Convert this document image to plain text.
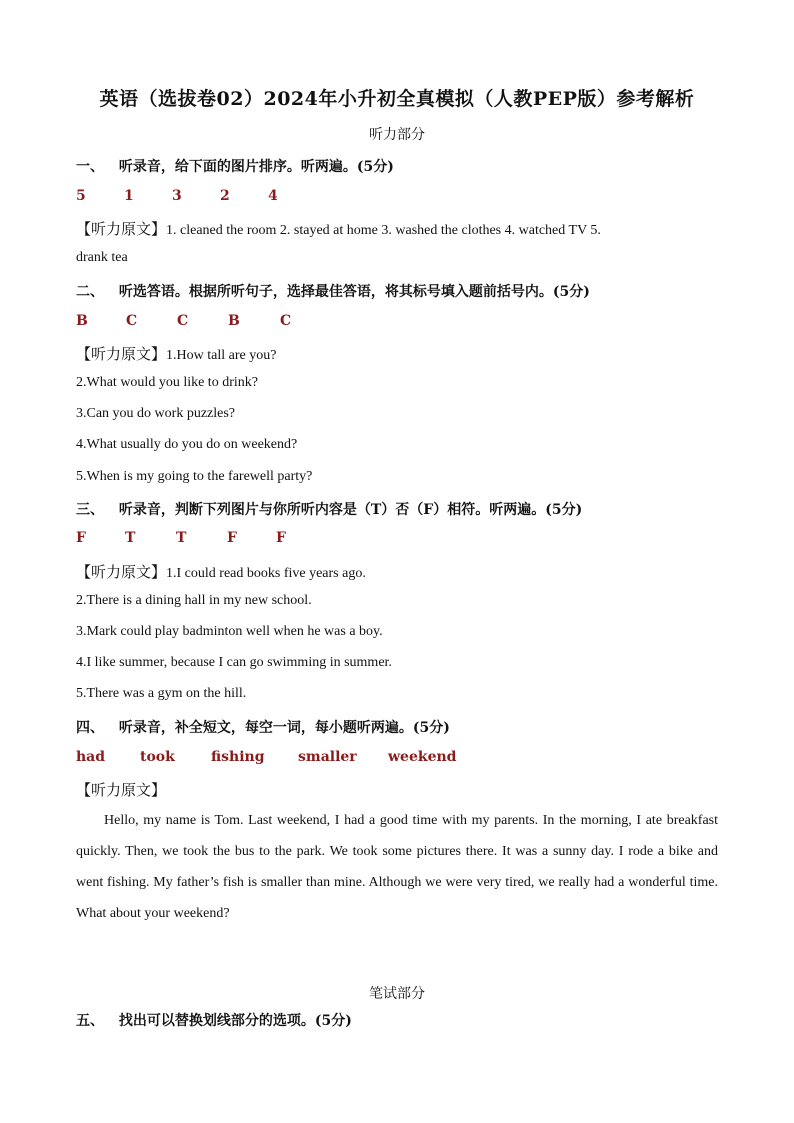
英语（选拔卷02）2024年小升初全真模拟（人教PEP版）参考解析
听力部分
一、 听录音，给下面的图片排序。听两遍。(5分)
5	1	3	2	4
【听力原文】1. cleaned the room 2. stayed at home 3. washed the clothes 4. watched TV 5.
drank tea
二、 听选答语。根据所听句子，选择最佳答语，将其标号填入题前括号内。(5分)
B	C	C	B	C
【听力原文】1.How tall are you?
2.What would you like to drink?
3.Can you do work puzzles?
4.What usually do you do on weekend?
5.When is my going to the farewell party?
三、 听录音，判断下列图片与你所听内容是（T）否（F）相符。听两遍。(5分)
F	T	T	F	F
【听力原文】1.I could read books five years ago.
2.There is a dining hall in my new school.
3.Mark could play badminton well when he was a boy.
4.I like summer, because I can go swimming in summer.
5.There was a gym on the hill.
四、 听录音，补全短文，每空一词，每小题听两遍。(5分)
had took	fishing smaller weekend
【听力原文】
Hello, my name is Tom. Last weekend, I had a good time with my parents. In the morning, I ate breakfast quickly. Then, we took the bus to the park. We took some pictures there. It was a sunny day. I rode a bike and went fishing. My father’s fish is smaller than mine. Although we were very tired, we really had a wonderful time. What about your weekend?
笔试部分
五、 找出可以替换划线部分的选项。(5分)
